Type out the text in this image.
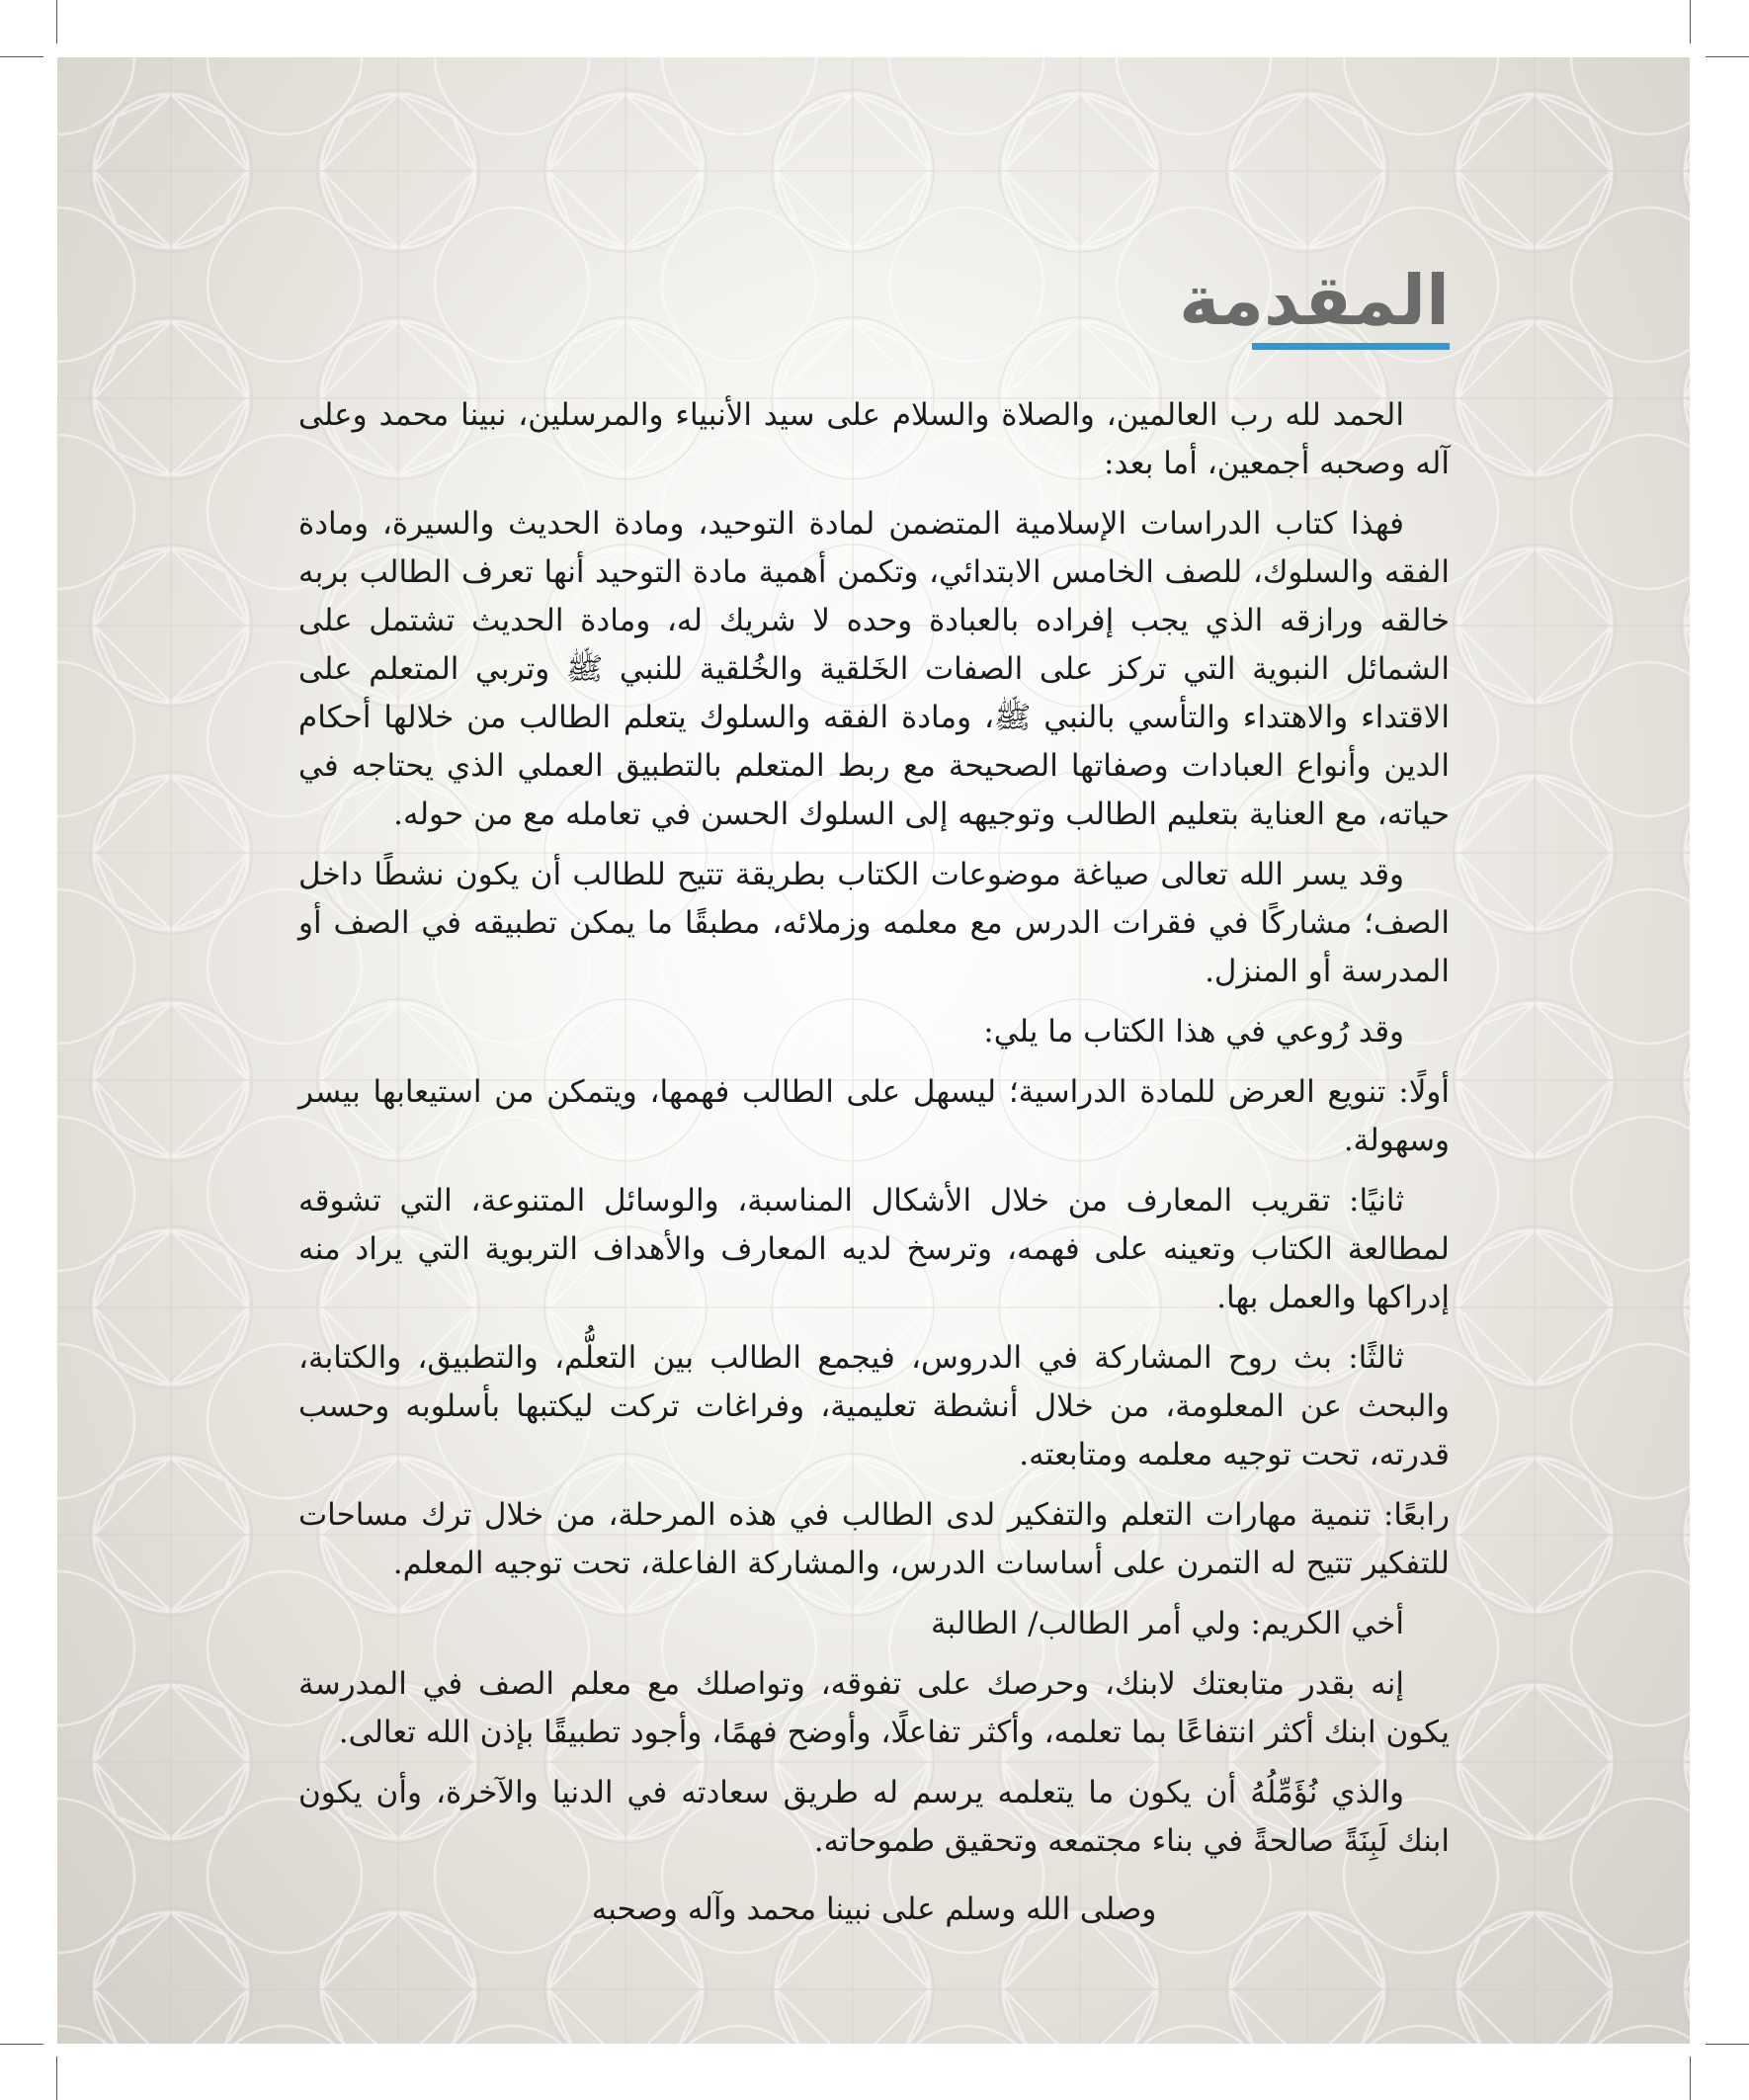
المقدمة

الحمد لله رب العالمين، والصلاة والسلام على سيد الأنبياء والمرسلين، نبينا محمد وعلى آله وصحبه أجمعين، أما بعد:

فهذا كتاب الدراسات الإسلامية المتضمن لمادة التوحيد، ومادة الحديث والسيرة، ومادة الفقه والسلوك، للصف الخامس الابتدائي، وتكمن أهمية مادة التوحيد أنها تعرف الطالب بربه خالقه ورازقه الذي يجب إفراده بالعبادة وحده لا شريك له، ومادة الحديث تشتمل على الشمائل النبوية التي تركز على الصفات الخَلقية والخُلقية للنبي ﷺ وتربي المتعلم على الاقتداء والاهتداء والتأسي بالنبي ﷺ، ومادة الفقه والسلوك يتعلم الطالب من خلالها أحكام الدين وأنواع العبادات وصفاتها الصحيحة مع ربط المتعلم بالتطبيق العملي الذي يحتاجه في حياته، مع العناية بتعليم الطالب وتوجيهه إلى السلوك الحسن في تعامله مع من حوله.

وقد يسر الله تعالى صياغة موضوعات الكتاب بطريقة تتيح للطالب أن يكون نشطًا داخل الصف؛ مشاركًا في فقرات الدرس مع معلمه وزملائه، مطبقًا ما يمكن تطبيقه في الصف أو المدرسة أو المنزل.

وقد رُوعي في هذا الكتاب ما يلي:

أولًا: تنويع العرض للمادة الدراسية؛ ليسهل على الطالب فهمها، ويتمكن من استيعابها بيسر وسهولة.

ثانيًا: تقريب المعارف من خلال الأشكال المناسبة، والوسائل المتنوعة، التي تشوقه لمطالعة الكتاب وتعينه على فهمه، وترسخ لديه المعارف والأهداف التربوية التي يراد منه إدراكها والعمل بها.

ثالثًا: بث روح المشاركة في الدروس، فيجمع الطالب بين التعلُّم، والتطبيق، والكتابة، والبحث عن المعلومة، من خلال أنشطة تعليمية، وفراغات تركت ليكتبها بأسلوبه وحسب قدرته، تحت توجيه معلمه ومتابعته.

رابعًا: تنمية مهارات التعلم والتفكير لدى الطالب في هذه المرحلة، من خلال ترك مساحات للتفكير تتيح له التمرن على أساسات الدرس، والمشاركة الفاعلة، تحت توجيه المعلم.

أخي الكريم: ولي أمر الطالب/ الطالبة

إنه بقدر متابعتك لابنك، وحرصك على تفوقه، وتواصلك مع معلم الصف في المدرسة يكون ابنك أكثر انتفاعًا بما تعلمه، وأكثر تفاعلًا، وأوضح فهمًا، وأجود تطبيقًا بإذن الله تعالى.

والذي نُؤَمِّلُهُ أن يكون ما يتعلمه يرسم له طريق سعادته في الدنيا والآخرة، وأن يكون ابنك لَبِنَةً صالحةً في بناء مجتمعه وتحقيق طموحاته.

وصلى الله وسلم على نبينا محمد وآله وصحبه
